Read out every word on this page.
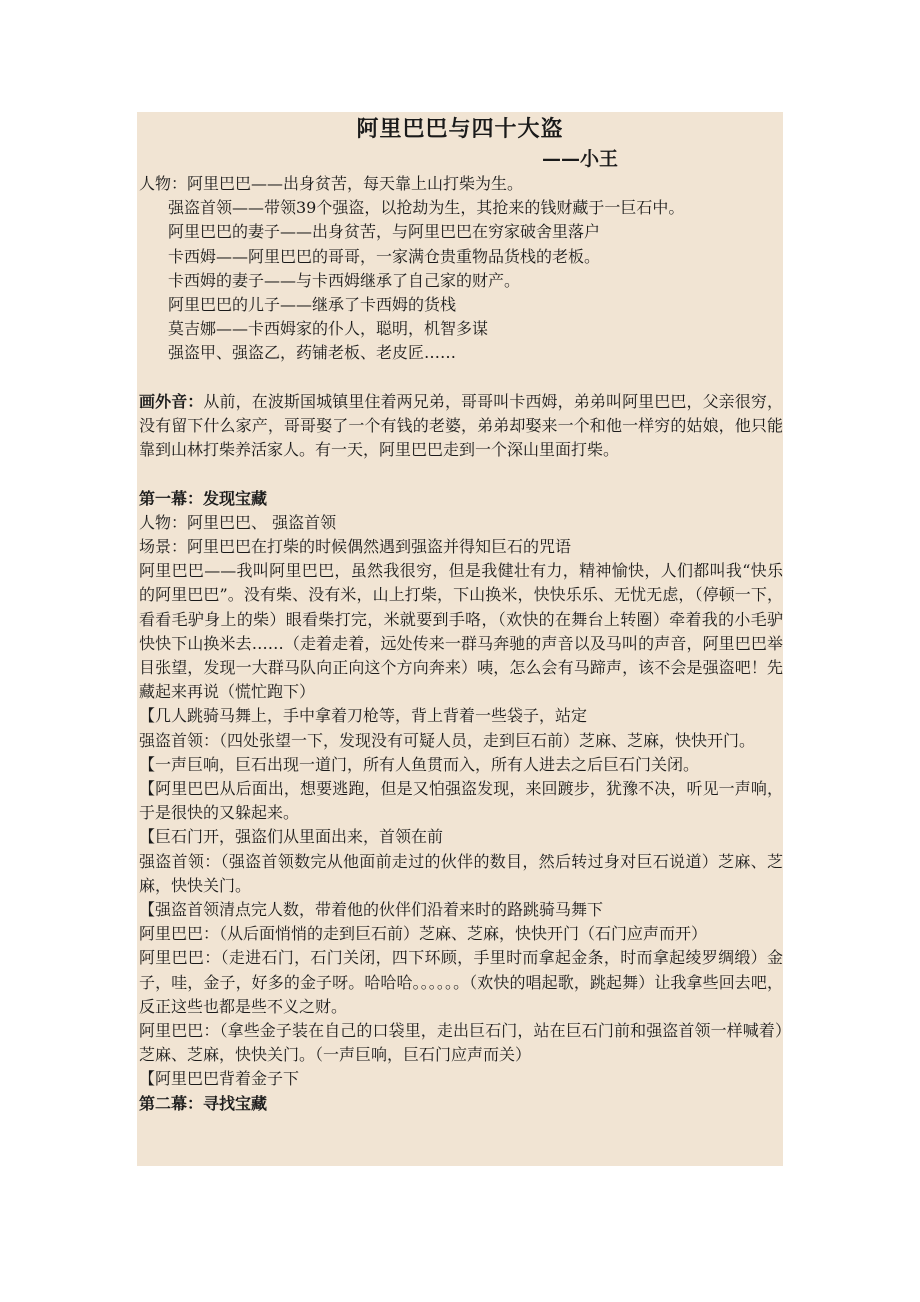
阿里巴巴与四十大盗
——小王

人物：阿里巴巴——出身贫苦，每天靠上山打柴为生。

强盗首领——带领39个强盗，以抢劫为生，其抢来的钱财藏于一巨石中。

阿里巴巴的妻子——出身贫苦，与阿里巴巴在穷家破舍里落户

卡西姆——阿里巴巴的哥哥，一家满仓贵重物品货栈的老板。

卡西姆的妻子——与卡西姆继承了自己家的财产。

阿里巴巴的儿子——继承了卡西姆的货栈

莫吉娜——卡西姆家的仆人，聪明，机智多谋

强盗甲、强盗乙，药铺老板、老皮匠……

画外音：从前，在波斯国城镇里住着两兄弟，哥哥叫卡西姆，弟弟叫阿里巴巴，父亲很穷，没有留下什么家产，哥哥娶了一个有钱的老婆，弟弟却娶来一个和他一样穷的姑娘，他只能靠到山林打柴养活家人。有一天，阿里巴巴走到一个深山里面打柴。

第一幕：发现宝藏

人物：阿里巴巴、 强盗首领

场景：阿里巴巴在打柴的时候偶然遇到强盗并得知巨石的咒语

阿里巴巴——我叫阿里巴巴，虽然我很穷，但是我健壮有力，精神愉快，人们都叫我“快乐的阿里巴巴”。没有柴、没有米，山上打柴，下山换米，快快乐乐、无忧无虑，（停顿一下，看看毛驴身上的柴）眼看柴打完，米就要到手咯，（欢快的在舞台上转圈）牵着我的小毛驴快快下山换米去……（走着走着，远处传来一群马奔驰的声音以及马叫的声音，阿里巴巴举目张望，发现一大群马队向正向这个方向奔来）咦，怎么会有马蹄声，该不会是强盗吧！先藏起来再说（慌忙跑下）

【几人跳骑马舞上，手中拿着刀枪等，背上背着一些袋子，站定

强盗首领：（四处张望一下，发现没有可疑人员，走到巨石前）芝麻、芝麻，快快开门。

【一声巨响，巨石出现一道门，所有人鱼贯而入，所有人进去之后巨石门关闭。

【阿里巴巴从后面出，想要逃跑，但是又怕强盗发现，来回踱步，犹豫不决，听见一声响，于是很快的又躲起来。

【巨石门开，强盗们从里面出来，首领在前

强盗首领：（强盗首领数完从他面前走过的伙伴的数目，然后转过身对巨石说道）芝麻、芝麻，快快关门。

【强盗首领清点完人数，带着他的伙伴们沿着来时的路跳骑马舞下

阿里巴巴：（从后面悄悄的走到巨石前）芝麻、芝麻，快快开门（石门应声而开）

阿里巴巴：（走进石门，石门关闭，四下环顾，手里时而拿起金条，时而拿起绫罗绸缎）金子，哇，金子，好多的金子呀。哈哈哈。。。。。。（欢快的唱起歌，跳起舞）让我拿些回去吧，反正这些也都是些不义之财。

阿里巴巴：（拿些金子装在自己的口袋里，走出巨石门，站在巨石门前和强盗首领一样喊着）芝麻、芝麻，快快关门。（一声巨响，巨石门应声而关）

【阿里巴巴背着金子下

第二幕：寻找宝藏
